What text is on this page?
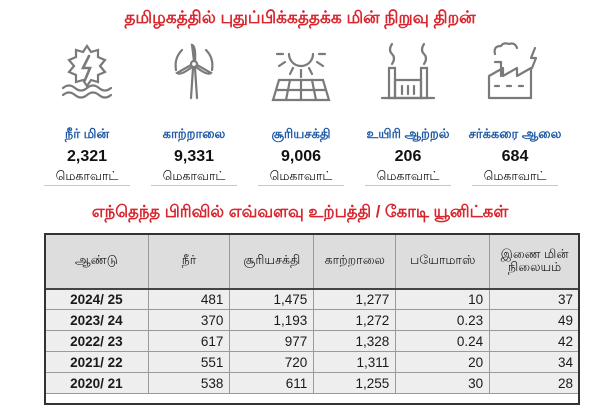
தமிழகத்தில் புதுப்பிக்கத்தக்க மின் நிறுவு திறன்
நீர் மின்
2,321
மெகாவாட்
காற்றாலை
9,331
மெகாவாட்
சூரியசக்தி
9,006
மெகாவாட்
உயிரி ஆற்றல்
206
மெகாவாட்
சர்க்கரை ஆலை
684
மெகாவாட்
எந்தெந்த பிரிவில் எவ்வளவு உற்பத்தி / கோடி யூனிட்கள்
ஆண்டு	நீர்	சூரியசக்தி	காற்றாலை	பயோமாஸ்	இணை மின் நிலையம்
2024/ 25	481	1,475	1,277	10	37
2023/ 24	370	1,193	1,272	0.23	49
2022/ 23	617	977	1,328	0.24	42
2021/ 22	551	720	1,311	20	34
2020/ 21	538	611	1,255	30	28
